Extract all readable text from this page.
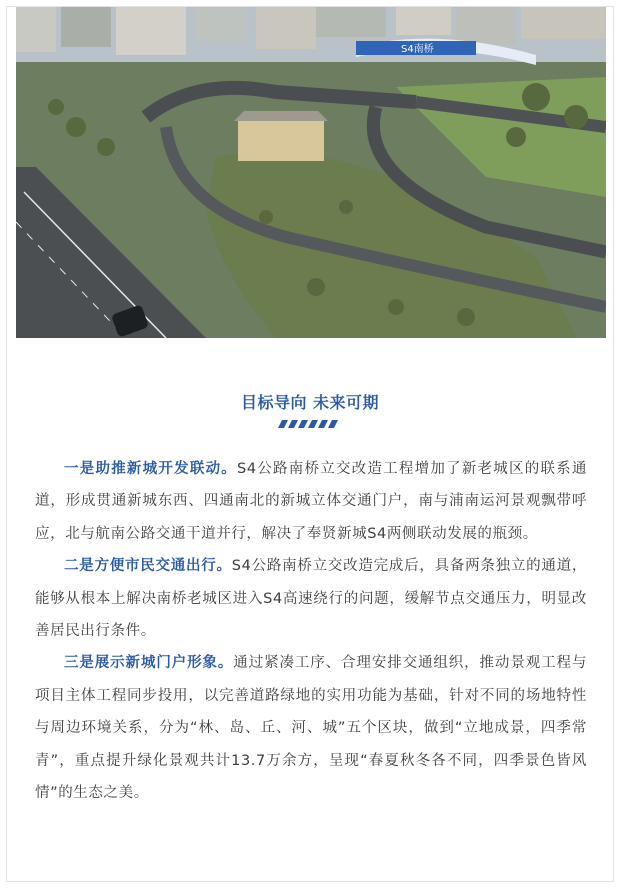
S4南桥
目标导向 未来可期

一是助推新城开发联动。S4公路南桥立交改造工程增加了新老城区的联系通道，形成贯通新城东西、四通南北的新城立体交通门户，南与浦南运河景观飘带呼应，北与航南公路交通干道并行，解决了奉贤新城S4两侧联动发展的瓶颈。

二是方便市民交通出行。S4公路南桥立交改造完成后，具备两条独立的通道，能够从根本上解决南桥老城区进入S4高速绕行的问题，缓解节点交通压力，明显改善居民出行条件。

三是展示新城门户形象。通过紧凑工序、合理安排交通组织，推动景观工程与项目主体工程同步投用，以完善道路绿地的实用功能为基础，针对不同的场地特性与周边环境关系，分为“林、岛、丘、河、城”五个区块，做到“立地成景，四季常青”，重点提升绿化景观共计13.7万余方，呈现“春夏秋冬各不同，四季景色皆风情”的生态之美。
